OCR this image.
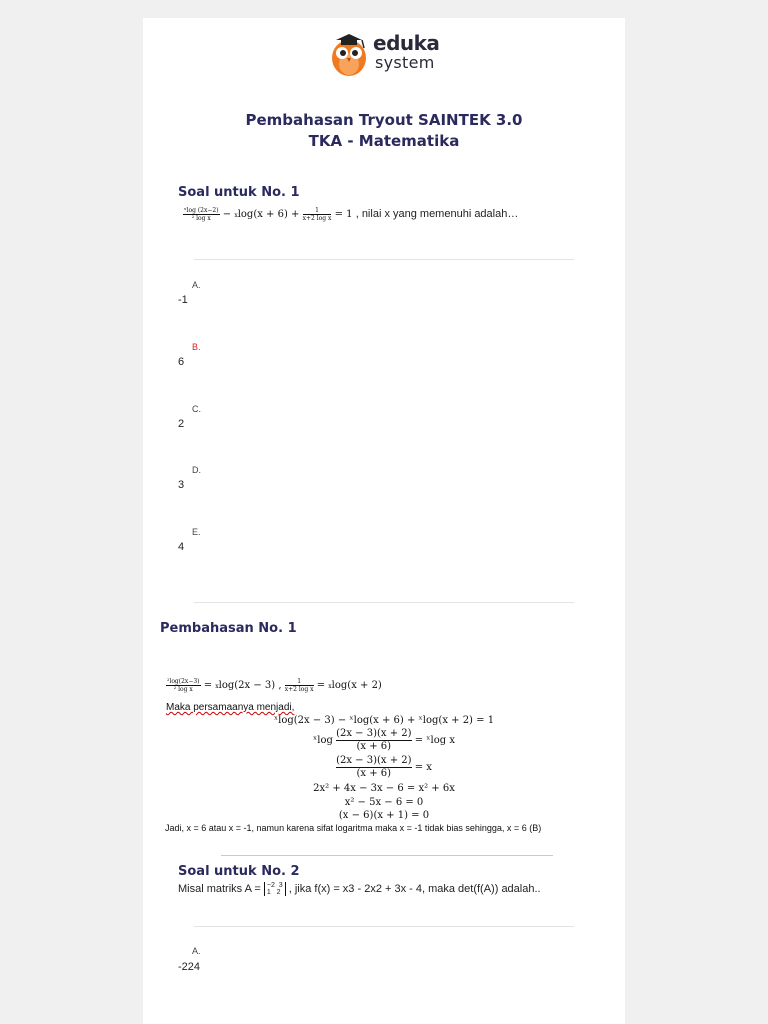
eduka
system
Pembahasan Tryout SAINTEK 3.0
TKA - Matematika
Soal untuk No. 1
$\frac{\text{ˣlog (2x−2)}}{\text{² log x}} - xlog(x + 6) + \frac{1}{\text{x+2 log x}} = 1$ , nilai x yang memenuhi adalah…
A.
-1
B.
6
C.
2
D.
3
E.
4
Pembahasan No. 1
$\frac{\text{²log(2x−3)}}{\text{² log x}} = xlog(2x - 3)$ , $\frac{1}{\text{x+2 log x}} = xlog(x + 2)$
Maka persamaanya menjadi,
ˣlog(2x − 3) − ˣlog(x + 6) + ˣlog(x + 2) = 1
ˣlog $\frac{(2x - 3)(x + 2)}{(x + 6)}$ = ˣlog x
$\frac{(2x - 3)(x + 2)}{(x + 6)} = x$
2x² + 4x − 3x − 6 = x² + 6x
x² − 5x − 6 = 0
(x − 6)(x + 1) = 0
Jadi, x = 6 atau x = -1, namun karena sifat logaritma maka x = -1 tidak bias sehingga, x = 6 (B)
Soal untuk No. 2
Misal matriks A = −2  3
1   2 , jika f(x) = x3 - 2x2 + 3x - 4, maka det(f(A)) adalah..
A.
-224
